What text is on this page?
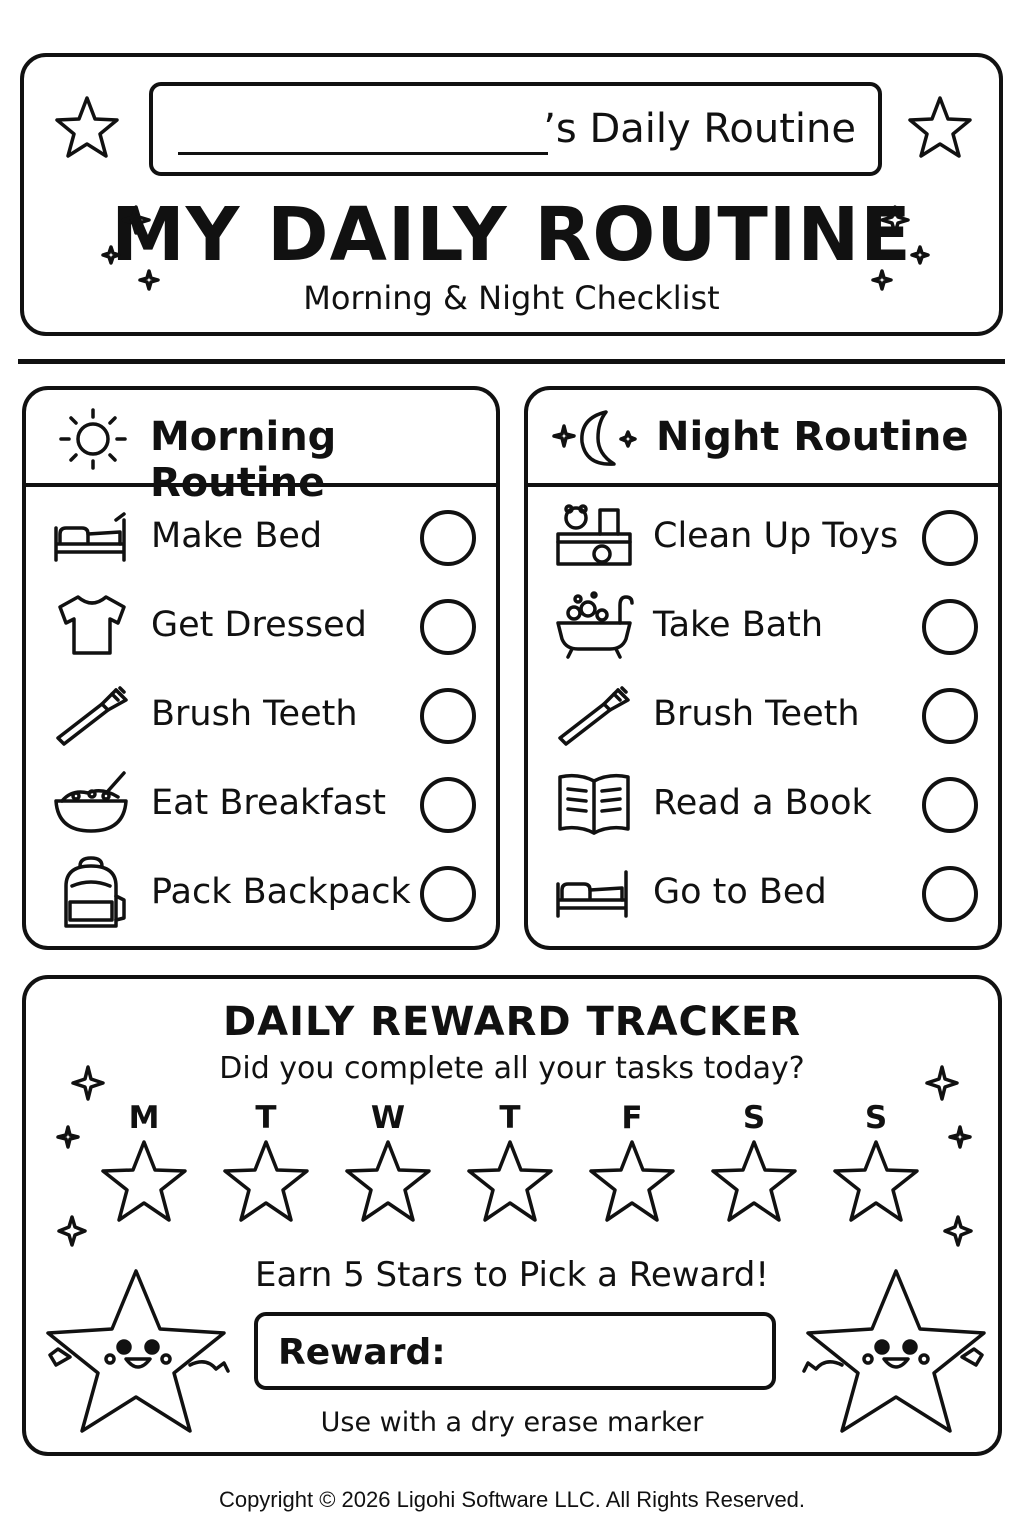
’s Daily Routine
MY DAILY ROUTINE
Morning & Night Checklist
Morning Routine
Make Bed
Get Dressed
Brush Teeth
Eat Breakfast
Pack Backpack
Night Routine
Clean Up Toys
Take Bath
Brush Teeth
Read a Book
Go to Bed
DAILY REWARD TRACKER
Did you complete all your tasks today?
Earn 5 Stars to Pick a Reward!
Reward:
Use with a dry erase marker
M	T	W	T	F	S	S
Copyright © 2026 Ligohi Software LLC. All Rights Reserved.
